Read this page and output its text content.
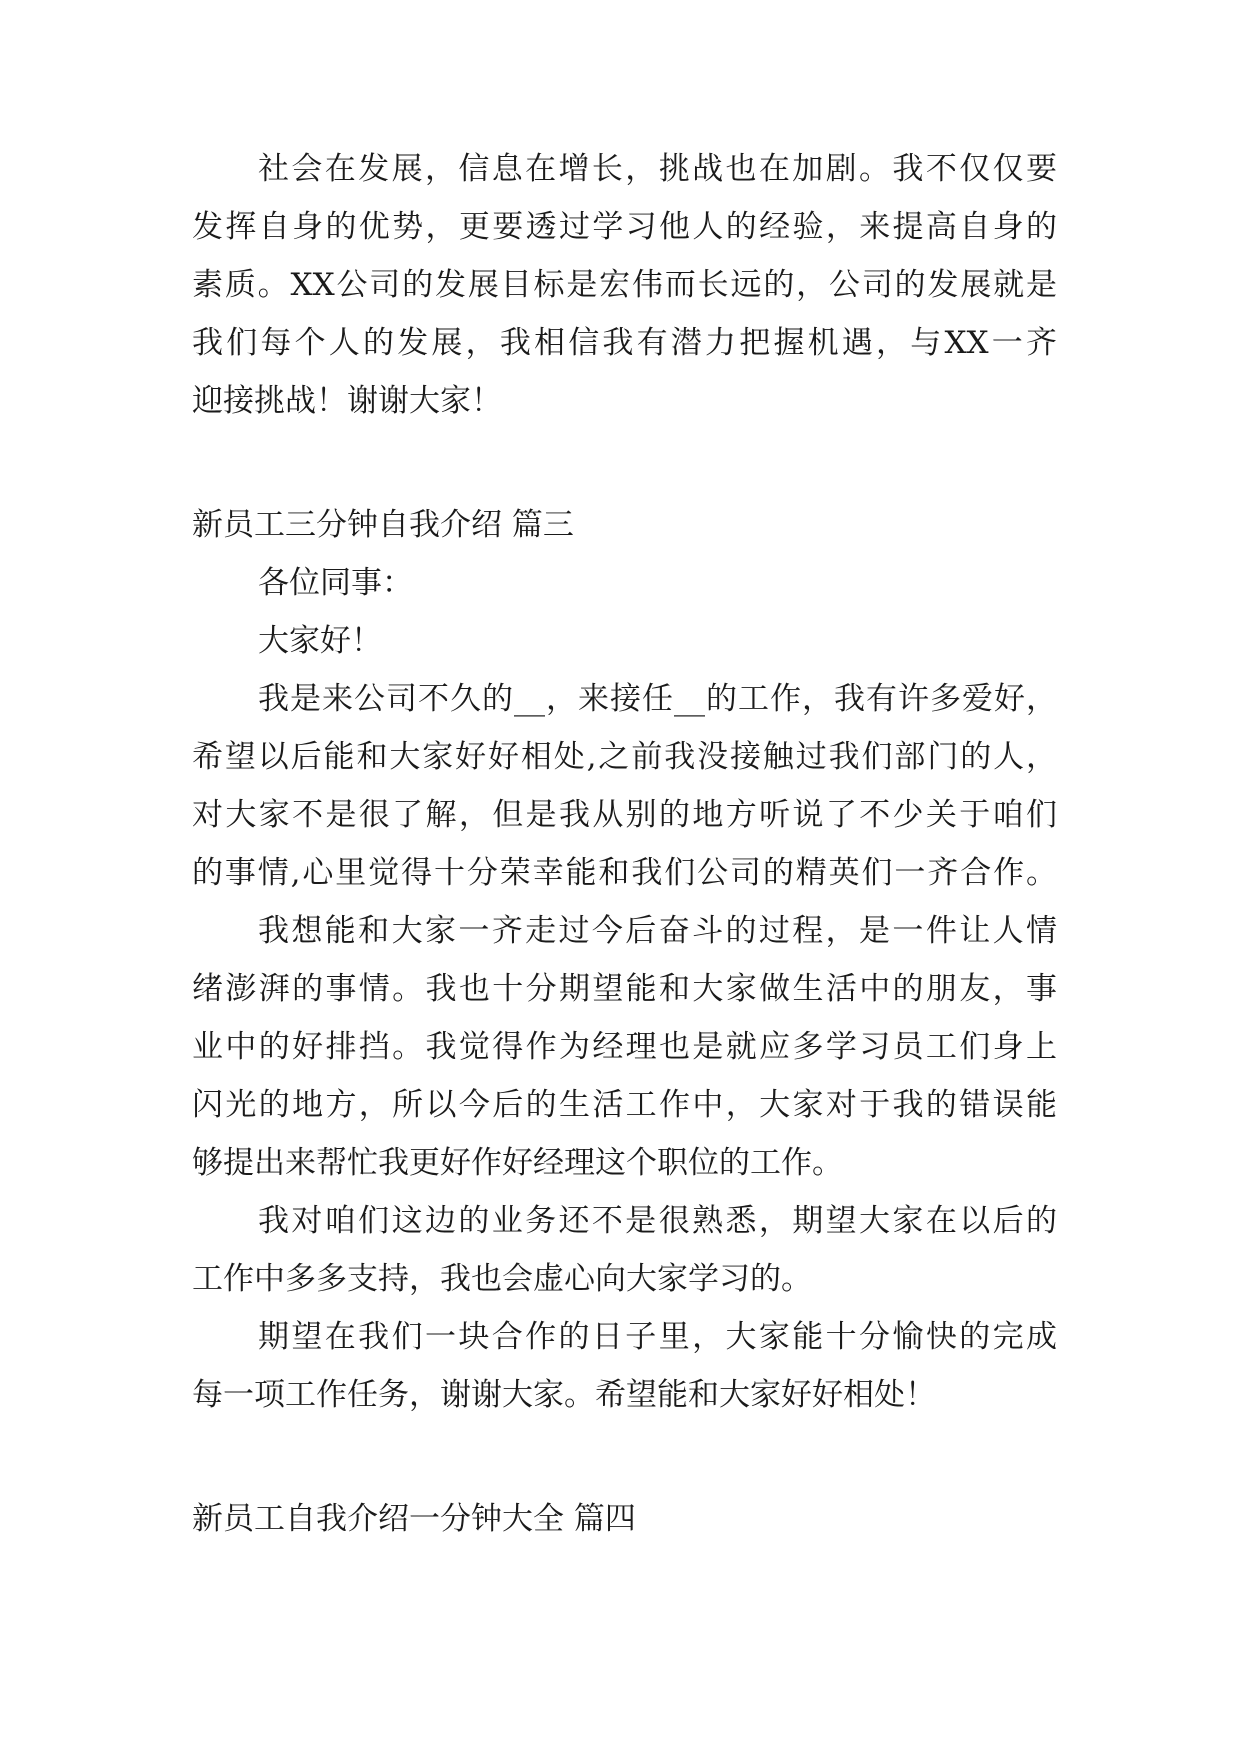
社会在发展，信息在增长，挑战也在加剧。我不仅仅要
发挥自身的优势，更要透过学习他人的经验，来提高自身的
素质。XX公司的发展目标是宏伟而长远的，公司的发展就是
我们每个人的发展，我相信我有潜力把握机遇，与XX一齐
迎接挑战！谢谢大家！
新员工三分钟自我介绍 篇三
各位同事：
大家好！
我是来公司不久的__，来接任__的工作，我有许多爱好，
希望以后能和大家好好相处,之前我没接触过我们部门的人，
对大家不是很了解，但是我从别的地方听说了不少关于咱们
的事情,心里觉得十分荣幸能和我们公司的精英们一齐合作。
我想能和大家一齐走过今后奋斗的过程，是一件让人情
绪澎湃的事情。我也十分期望能和大家做生活中的朋友，事
业中的好排挡。我觉得作为经理也是就应多学习员工们身上
闪光的地方，所以今后的生活工作中，大家对于我的错误能
够提出来帮忙我更好作好经理这个职位的工作。
我对咱们这边的业务还不是很熟悉，期望大家在以后的
工作中多多支持，我也会虚心向大家学习的。
期望在我们一块合作的日子里，大家能十分愉快的完成
每一项工作任务，谢谢大家。希望能和大家好好相处！
新员工自我介绍一分钟大全 篇四
